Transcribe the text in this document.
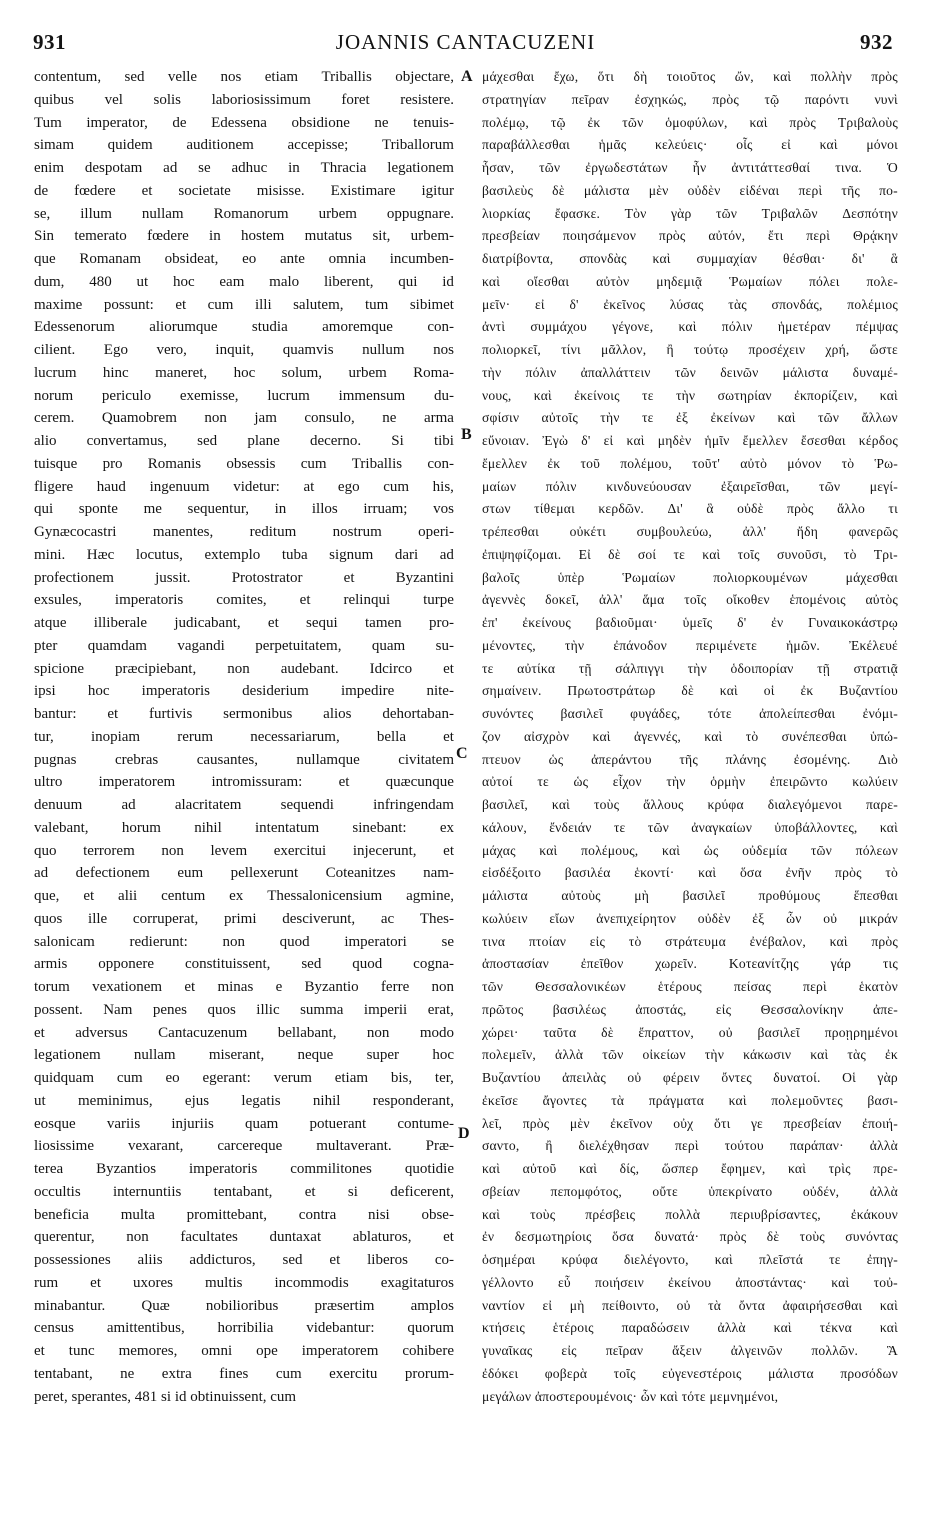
931	JOANNIS CANTACUZENI	932
contentum, sed velle nos etiam Triballis objectare,
quibus vel solis laboriosissimum foret resistere.
Tum imperator, de Edessena obsidione ne tenuis-
simam quidem auditionem accepisse; Triballorum
enim despotam ad se adhuc in Thracia legationem
de fœdere et societate misisse. Existimare igitur
se, illum nullam Romanorum urbem oppugnare.
Sin temerato fœdere in hostem mutatus sit, urbem-
que Romanam obsideat, eo ante omnia incumben-
dum, 480 ut hoc eam malo liberent, qui id
maxime possunt: et cum illi salutem, tum sibimet
Edessenorum aliorumque studia amoremque con-
cilient. Ego vero, inquit, quamvis nullum nos
lucrum hinc maneret, hoc solum, urbem Roma-
norum periculo exemisse, lucrum immensum du-
cerem. Quamobrem non jam consulo, ne arma
alio convertamus, sed plane decerno. Si tibi
tuisque pro Romanis obsessis cum Triballis con-
fligere haud ingenuum videtur: at ego cum his,
qui sponte me sequentur, in illos irruam; vos
Gynæcocastri manentes, reditum nostrum operi-
mini. Hæc locutus, extemplo tuba signum dari ad
profectionem	jussit.	Protostrator	et	Byzantini
exsules, imperatoris comites, et relinqui turpe
atque illiberale judicabant, et sequi tamen pro-
pter quamdam vagandi perpetuitatem, quam su-
spicione præcipiebant, non audebant. Idcirco et
ipsi hoc imperatoris desiderium impedire nite-
bantur: et furtivis sermonibus alios dehortaban-
tur, inopiam rerum necessariarum, bella et
pugnas	crebras	causantes,	nullamque	civitatem
ultro imperatorem intromissuram: et quæcunque
denuum	ad	alacritatem	sequendi	infringendam
valebant, horum nihil intentatum sinebant: ex
quo terrorem non levem exercitui injecerunt, et
ad defectionem eum pellexerunt Coteanitzes nam-
que, et alii centum ex Thessalonicensium agmine,
quos ille corruperat, primi desciverunt, ac Thes-
salonicam redierunt: non quod imperatori se
armis opponere constituissent, sed quod cogna-
torum vexationem et minas e Byzantio ferre non
possent. Nam penes quos illic summa imperii erat,
et adversus Cantacuzenum bellabant, non modo
legationem nullam miserant, neque super hoc
quidquam cum eo egerant: verum etiam bis, ter,
ut meminimus, ejus legatis nihil responderant,
eosque variis injuriis quam potuerant contume-
liosissime vexarant, carcereque multaverant. Præ-
terea Byzantios imperatoris commilitones quotidie
occultis internuntiis tentabant, et si deficerent,
beneficia multa promittebant, contra nisi obse-
querentur, non facultates duntaxat ablaturos, et
possessiones aliis addicturos, sed et liberos co-
rum et uxores multis incommodis exagitaturos
minabantur. Quæ nobilioribus præsertim amplos
census amittentibus, horribilia videbantur: quorum
et tunc memores, omni ope imperatorem cohibere
tentabant, ne extra fines cum exercitu prorum-
peret,
sperantes,
481
si
id
obtinuissent,
cum

μάχεσθαι ἔχω, ὅτι δὴ τοιοῦτος ὤν, καὶ πολλὴν πρὸς
στρατηγίαν πεῖραν ἐσχηκώς, πρὸς τῷ παρόντι νυνὶ
πολέμῳ, τῷ ἐκ τῶν ὁμοφύλων, καὶ πρὸς Τριβαλοὺς
παραβάλλεσθαι ἡμᾶς κελεύεις· οἷς εἰ καὶ μόνοι
ἦσαν, τῶν ἐργωδεστάτων ἦν ἀντιτάττεσθαί τινα. Ὁ
βασιλεὺς δὲ μάλιστα μὲν οὐδὲν εἰδέναι περὶ τῆς πο-
λιορκίας ἔφασκε. Τὸν γὰρ τῶν Τριβαλῶν Δεσπότην
πρεσβείαν ποιησάμενον πρὸς αὐτόν, ἔτι περὶ Θρᾴκην
διατρίβοντα, σπονδὰς καὶ συμμαχίαν θέσθαι· δι' ἃ
καὶ οἴεσθαι αὐτὸν μηδεμιᾷ Ῥωμαίων πόλει πολε-
μεῖν· εἰ δ' ἐκεῖνος λύσας τὰς σπονδάς, πολέμιος
ἀντὶ συμμάχου γέγονε, καὶ πόλιν ἡμετέραν πέμψας
πολιορκεῖ, τίνι μᾶλλον, ἢ τούτῳ προσέχειν χρή, ὥστε
τὴν πόλιν ἀπαλλάττειν τῶν δεινῶν μάλιστα δυναμέ-
νους, καὶ ἐκείνοις τε τὴν σωτηρίαν ἐκπορίζειν, καὶ
σφίσιν αὐτοῖς τὴν τε ἐξ ἐκείνων καὶ τῶν ἄλλων
εὔνοιαν. Ἐγὼ δ' εἰ καὶ μηδὲν ἡμῖν ἔμελλεν ἔσεσθαι κέρδος
ἔμελλεν ἐκ τοῦ πολέμου, τοῦτ' αὐτὸ μόνον τὸ Ῥω-
μαίων πόλιν κινδυνεύουσαν ἐξαιρεῖσθαι, τῶν μεγί-
στων τίθεμαι κερδῶν. Δι' ἃ οὐδὲ πρὸς ἄλλο τι
τρέπεσθαι οὐκέτι συμβουλεύω, ἀλλ' ἤδη φανερῶς
ἐπιψηφίζομαι. Εἰ δὲ σοί τε καὶ τοῖς συνοῦσι, τὸ Τρι-
βαλοῖς	ὑπὲρ	Ῥωμαίων	πολιορκουμένων	μάχεσθαι
ἀγεννὲς δοκεῖ, ἀλλ' ἅμα τοῖς οἴκοθεν ἑπομένοις αὐτὸς
ἐπ' ἐκείνους βαδιοῦμαι· ὑμεῖς δ' ἐν Γυναικοκάστρῳ
μένοντες, τὴν ἐπάνοδον περιμένετε ἡμῶν. Ἐκέλευέ
τε αὐτίκα τῇ σάλπιγγι τὴν ὁδοιπορίαν τῇ στρατιᾷ
σημαίνειν. Πρωτοστράτωρ δὲ καὶ οἱ ἐκ Βυζαντίου
συνόντες βασιλεῖ φυγάδες, τότε ἀπολείπεσθαι ἐνόμι-
ζον αἰσχρὸν καὶ ἀγεννές, καὶ τὸ συνέπεσθαι ὑπώ-
πτευον ὡς ἀπεράντου τῆς πλάνης ἐσομένης. Διὸ
αὐτοί τε ὡς εἶχον τὴν ὁρμὴν ἐπειρῶντο κωλύειν
βασιλεῖ, καὶ τοὺς ἄλλους κρύφα διαλεγόμενοι παρε-
κάλουν, ἔνδειάν τε τῶν ἀναγκαίων ὑποβάλλοντες, καὶ
μάχας καὶ πολέμους, καὶ ὡς οὐδεμία τῶν πόλεων
εἰσδέξοιτο βασιλέα ἑκοντί· καὶ ὅσα ἐνῆν πρὸς τὸ
μάλιστα αὐτοὺς μὴ βασιλεῖ προθύμους ἕπεσθαι
κωλύειν εἴων ἀνεπιχείρητον οὐδὲν ἐξ ὧν οὐ μικράν
τινα πτοίαν εἰς τὸ στράτευμα ἐνέβαλον, καὶ πρὸς
ἀποστασίαν ἐπεῖθον χωρεῖν. Κοτεανίτζης γάρ τις
τῶν Θεσσαλονικέων ἑτέρους πείσας περὶ ἑκατὸν
πρῶτος βασιλέως ἀποστάς, εἰς Θεσσαλονίκην ἀπε-
χώρει· ταῦτα δὲ ἔπραττον, οὐ βασιλεῖ προῃρημένοι
πολεμεῖν, ἀλλὰ τῶν οἰκείων τὴν κάκωσιν καὶ τὰς ἐκ
Βυζαντίου ἀπειλὰς οὐ φέρειν ὄντες δυνατοί. Οἱ γὰρ
ἐκεῖσε ἄγοντες τὰ πράγματα καὶ πολεμοῦντες βασι-
λεῖ, πρὸς μὲν ἐκεῖνον οὐχ ὅτι γε πρεσβείαν ἐποιή-
σαντο, ἢ διελέχθησαν περὶ τούτου παράπαν· ἀλλὰ
καὶ αὐτοῦ καὶ δίς, ὥσπερ ἔφημεν, καὶ τρὶς πρε-
σβείαν πεπομφότος, οὔτε ὑπεκρίνατο οὐδέν, ἀλλὰ
καὶ τοὺς πρέσβεις πολλὰ περιυβρίσαντες, ἐκάκουν
ἐν δεσμωτηρίοις ὅσα δυνατά· πρὸς δὲ τοὺς συνόντας
ὁσημέραι κρύφα διελέγοντο, καὶ πλεῖστά τε ἐπηγ-
γέλλοντο εὖ ποιήσειν ἐκείνου ἀποστάντας· καὶ τοὐ-
ναντίον εἰ μὴ πείθοιντο, οὐ τὰ ὄντα ἀφαιρήσεσθαι καὶ
κτήσεις ἑτέροις παραδώσειν ἀλλὰ καὶ τέκνα καὶ
γυναῖκας εἰς πεῖραν ἄξειν ἀλγεινῶν πολλῶν. Ἃ
ἐδόκει φοβερὰ τοῖς εὐγενεστέροις μάλιστα προσόδων
μεγάλων
ἀποστερουμένοις·
ὧν
καὶ
τότε
μεμνημένοι,

A
B
C
D
